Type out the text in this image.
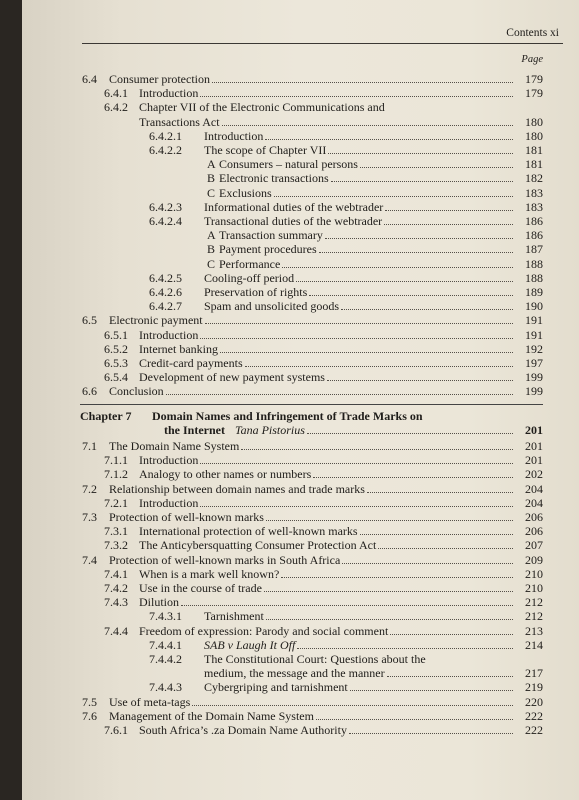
Contents xi
Page
6.4 Consumer protection	179
6.4.1 Introduction	179
6.4.2 Chapter VII of the Electronic Communications and
Transactions Act	180
6.4.2.1 Introduction	180
6.4.2.2 The scope of Chapter VII	181
A Consumers – natural persons	181
B Electronic transactions	182
C Exclusions	183
6.4.2.3 Informational duties of the webtrader	183
6.4.2.4 Transactional duties of the webtrader	186
A Transaction summary	186
B Payment procedures	187
C Performance	188
6.4.2.5 Cooling-off period	188
6.4.2.6 Preservation of rights	189
6.4.2.7 Spam and unsolicited goods	190
6.5 Electronic payment	191
6.5.1 Introduction	191
6.5.2 Internet banking	192
6.5.3 Credit-card payments	197
6.5.4 Development of new payment systems	199
6.6 Conclusion	199
Chapter 7 Domain Names and Infringement of Trade Marks on
the Internet Tana Pistorius	201
7.1 The Domain Name System	201
7.1.1 Introduction	201
7.1.2 Analogy to other names or numbers	202
7.2 Relationship between domain names and trade marks	204
7.2.1 Introduction	204
7.3 Protection of well-known marks	206
7.3.1 International protection of well-known marks	206
7.3.2 The Anticybersquatting Consumer Protection Act	207
7.4 Protection of well-known marks in South Africa	209
7.4.1 When is a mark well known?	210
7.4.2 Use in the course of trade	210
7.4.3 Dilution	212
7.4.3.1 Tarnishment	212
7.4.4 Freedom of expression: Parody and social comment	213
7.4.4.1 SAB v Laugh It Off	214
7.4.4.2 The Constitutional Court: Questions about the
medium, the message and the manner	217
7.4.4.3 Cybergriping and tarnishment	219
7.5 Use of meta-tags	220
7.6 Management of the Domain Name System	222
7.6.1 South Africa’s .za Domain Name Authority	222
